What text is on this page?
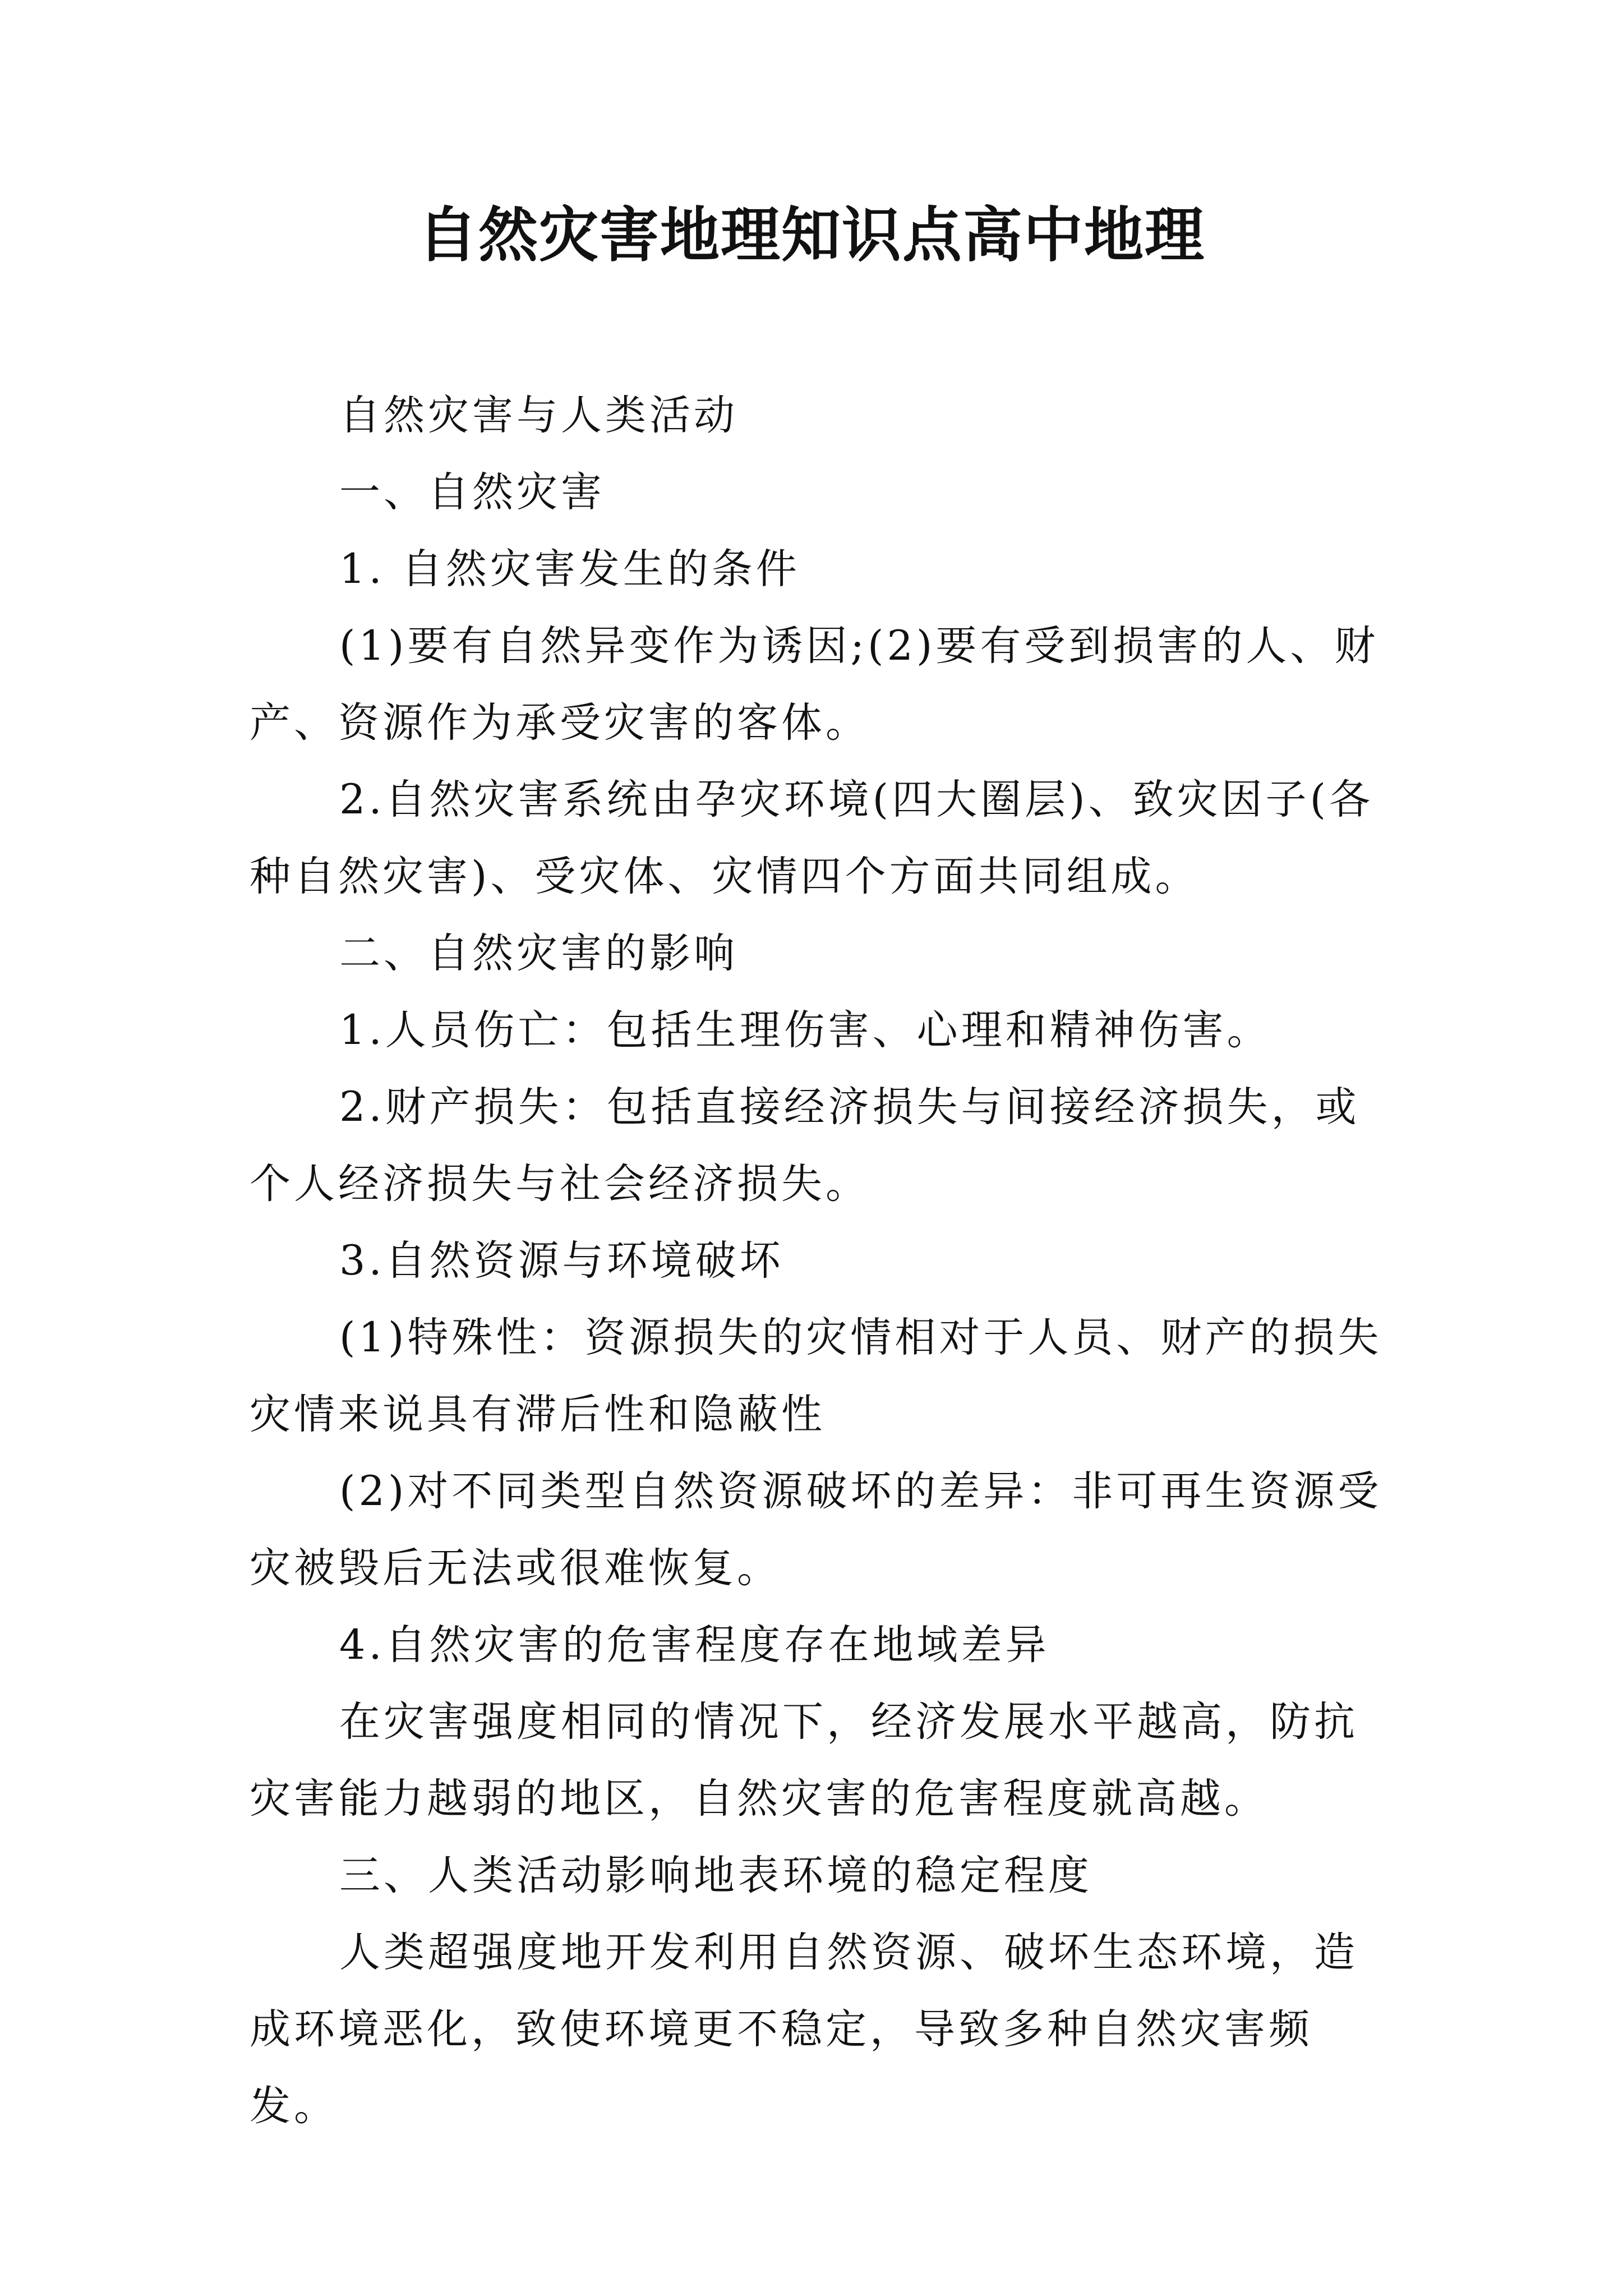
自然灾害地理知识点高中地理

自然灾害与人类活动

一、自然灾害

1. 自然灾害发生的条件

(1)要有自然异变作为诱因;(2)要有受到损害的人、财产、资源作为承受灾害的客体。

2.自然灾害系统由孕灾环境(四大圈层)、致灾因子(各种自然灾害)、受灾体、灾情四个方面共同组成。

二、自然灾害的影响

1.人员伤亡：包括生理伤害、心理和精神伤害。

2.财产损失：包括直接经济损失与间接经济损失，或个人经济损失与社会经济损失。

3.自然资源与环境破坏

(1)特殊性：资源损失的灾情相对于人员、财产的损失灾情来说具有滞后性和隐蔽性

(2)对不同类型自然资源破坏的差异：非可再生资源受灾被毁后无法或很难恢复。

4.自然灾害的危害程度存在地域差异

在灾害强度相同的情况下，经济发展水平越高，防抗灾害能力越弱的地区，自然灾害的危害程度就高越。

三、人类活动影响地表环境的稳定程度

人类超强度地开发利用自然资源、破坏生态环境，造成环境恶化，致使环境更不稳定，导致多种自然灾害频发。
